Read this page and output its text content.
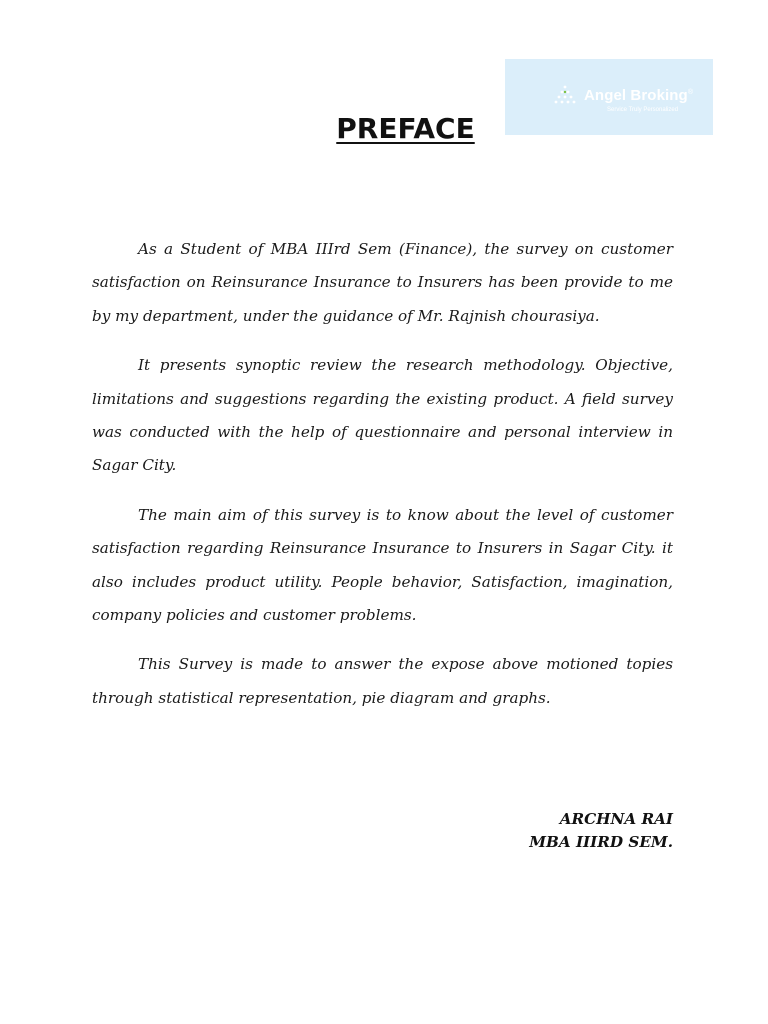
Angel Broking®
Service Truly Personalized
PREFACE

As a Student of MBA IIIrd Sem (Finance), the survey on customer satisfaction on Reinsurance Insurance to Insurers has been provide to me by my department, under the guidance of Mr. Rajnish chourasiya.

It presents synoptic review the research methodology. Objective, limitations and suggestions regarding the existing product. A field survey was conducted with the help of questionnaire and personal interview in Sagar City.

The main aim of this survey is to know about the level of customer satisfaction regarding Reinsurance Insurance to Insurers in Sagar City. it also includes product utility. People behavior, Satisfaction, imagination, company policies and customer problems.

This Survey is made to answer the expose above motioned topies through statistical representation, pie diagram and graphs.

ARCHNA RAI
MBA IIIRD SEM.
